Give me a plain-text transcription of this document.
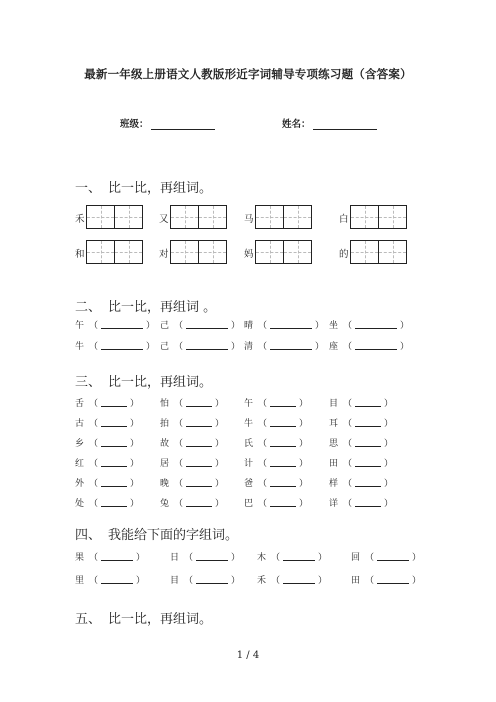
最新一年级上册语文人教版形近字词辅导专项练习题（含答案）
班级：	姓名：
一、 比一比，再组词。
二、 比一比，再组词 。
三、 比一比，再组词。
四、 我能给下面的字组词。
五、 比一比，再组词。
禾	又	马	白
和	对	妈	的
午 （	） 己 （	） 晴 （	） 坐 （	）
牛 （	） 己 （	） 清 （	） 座 （	）
舌 （	） 怕 （	） 午 （	） 目 （	）
古 （	） 拍 （	） 牛 （	） 耳 （	）
乡 （	） 故 （	） 氏 （	） 思 （	）
红 （	） 居 （	） 计 （	） 田 （	）
外 （	） 晚 （	） 爸 （	） 样 （	）
处 （	） 兔 （	） 巴 （	） 详 （	）
果 （	）	日 （	） 木 （	）	回 （	）
里 （	）	目 （	） 禾 （	）	田 （	）
1 / 4
